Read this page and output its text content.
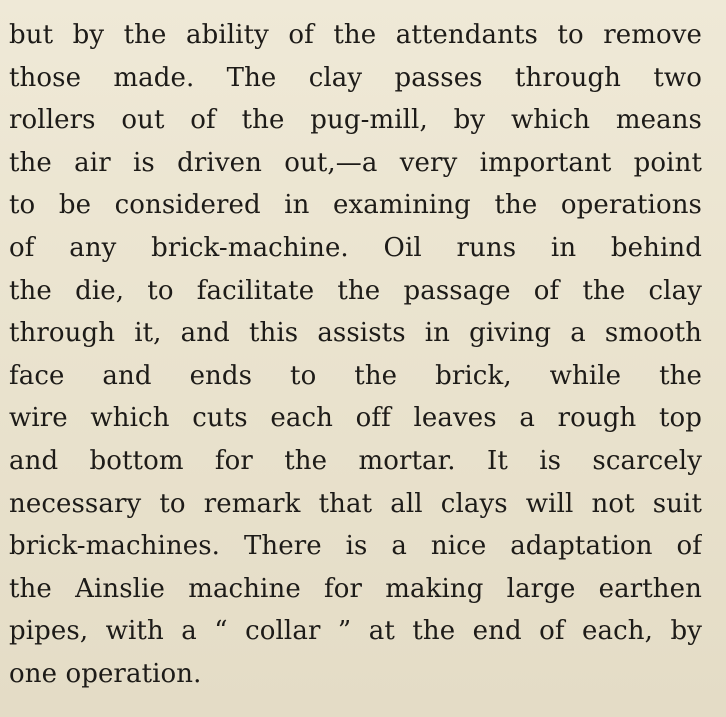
but by the ability of the attendants to remove
those made. The clay passes through two
rollers out of the pug-mill, by which means
the air is driven out,—a very important point
to be considered in examining the operations
of any brick-machine. Oil runs in behind
the die, to facilitate the passage of the clay
through it, and this assists in giving a smooth
face and ends to the brick, while the
wire which cuts each off leaves a rough top
and bottom for the mortar. It is scarcely
necessary to remark that all clays will not suit
brick-machines. There is a nice adaptation of
the Ainslie machine for making large earthen
pipes, with a “ collar ” at the end of each, by
one operation.
